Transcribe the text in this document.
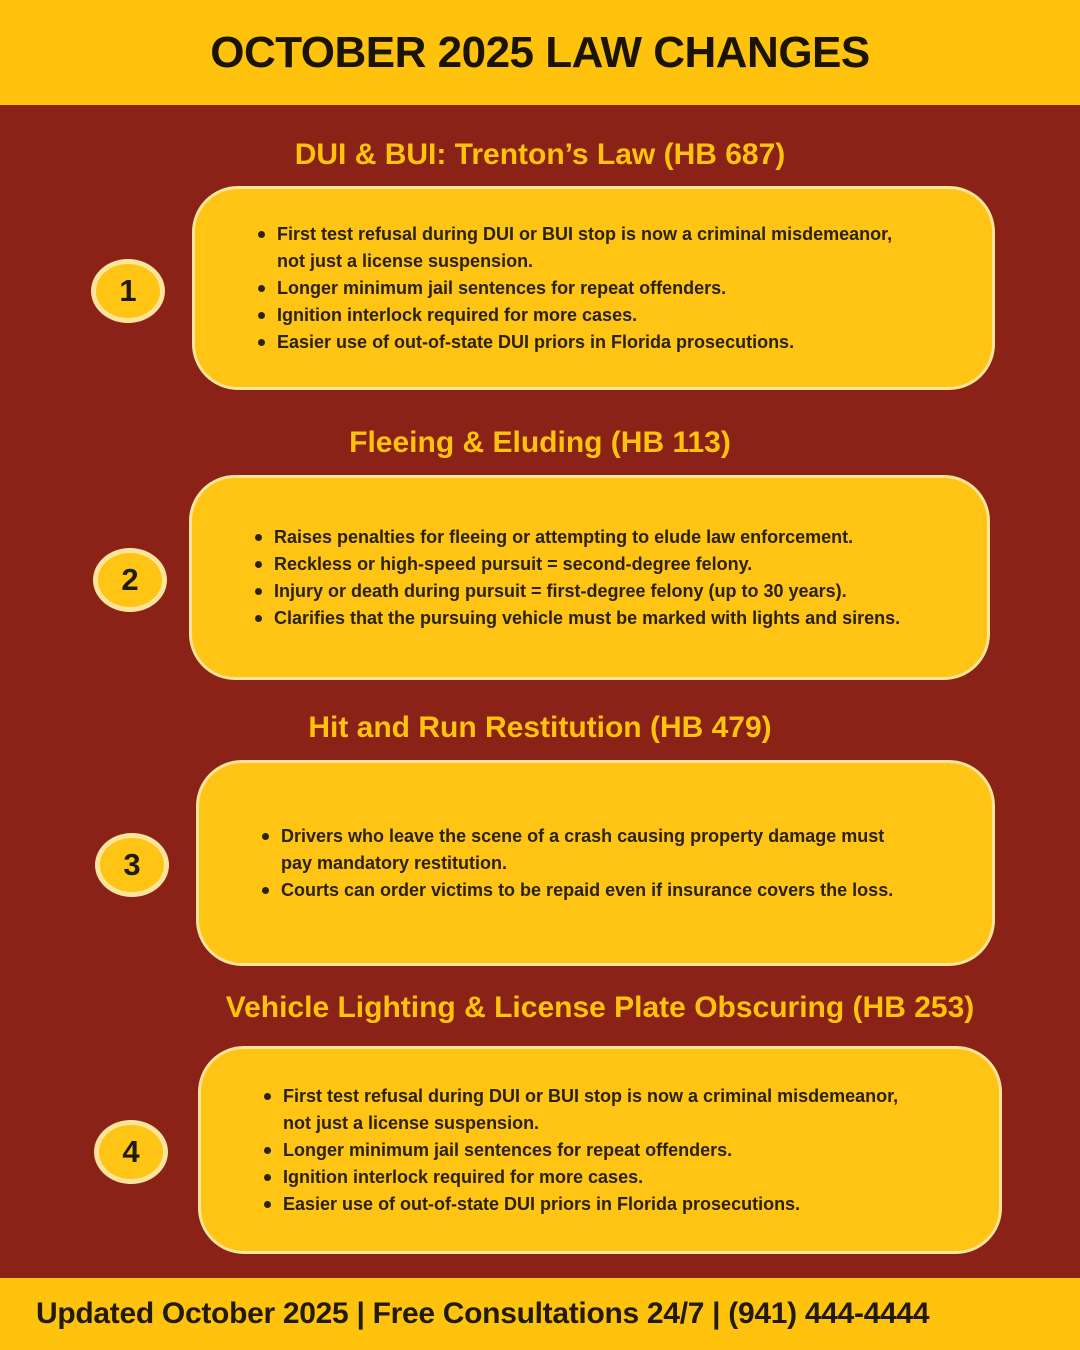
OCTOBER 2025 LAW CHANGES
DUI & BUI: Trenton’s Law (HB 687)
1
First test refusal during DUI or BUI stop is now a criminal misdemeanor, not just a license suspension.
Longer minimum jail sentences for repeat offenders.
Ignition interlock required for more cases.
Easier use of out-of-state DUI priors in Florida prosecutions.
Fleeing & Eluding (HB 113)
2
Raises penalties for fleeing or attempting to elude law enforcement.
Reckless or high-speed pursuit = second-degree felony.
Injury or death during pursuit = first-degree felony (up to 30 years).
Clarifies that the pursuing vehicle must be marked with lights and sirens.
Hit and Run Restitution (HB 479)
3
Drivers who leave the scene of a crash causing property damage must pay mandatory restitution.
Courts can order victims to be repaid even if insurance covers the loss.
Vehicle Lighting & License Plate Obscuring (HB 253)
4
First test refusal during DUI or BUI stop is now a criminal misdemeanor, not just a license suspension.
Longer minimum jail sentences for repeat offenders.
Ignition interlock required for more cases.
Easier use of out-of-state DUI priors in Florida prosecutions.
Updated October 2025 | Free Consultations 24/7 | (941) 444-4444
